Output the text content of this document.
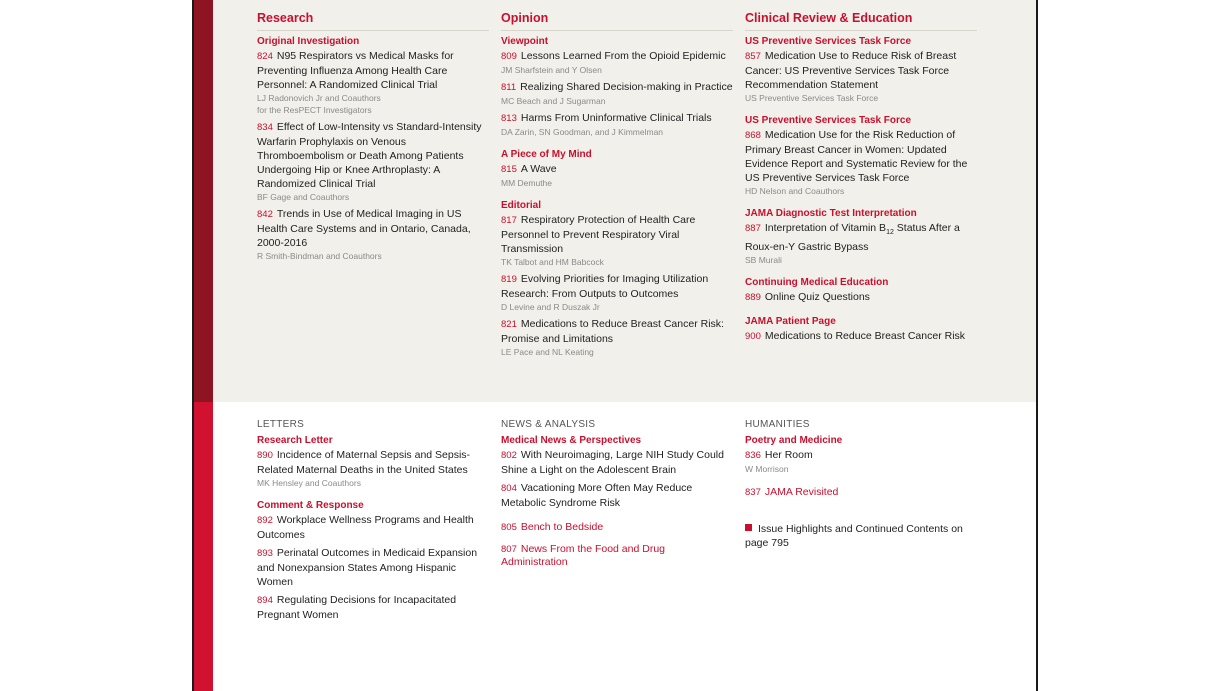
Research
Original Investigation
824 N95 Respirators vs Medical Masks for Preventing Influenza Among Health Care Personnel: A Randomized Clinical Trial
LJ Radonovich Jr and Coauthors
for the ResPECT Investigators
834 Effect of Low-Intensity vs Standard-Intensity Warfarin Prophylaxis on Venous Thromboembolism or Death Among Patients Undergoing Hip or Knee Arthroplasty: A Randomized Clinical Trial
BF Gage and Coauthors
842 Trends in Use of Medical Imaging in US Health Care Systems and in Ontario, Canada, 2000-2016
R Smith-Bindman and Coauthors
Opinion
Viewpoint
809 Lessons Learned From the Opioid Epidemic
JM Sharfstein and Y Olsen
811 Realizing Shared Decision-making in Practice
MC Beach and J Sugarman
813 Harms From Uninformative Clinical Trials
DA Zarin, SN Goodman, and J Kimmelman
A Piece of My Mind
815 A Wave
MM Demuthe
Editorial
817 Respiratory Protection of Health Care Personnel to Prevent Respiratory Viral Transmission
TK Talbot and HM Babcock
819 Evolving Priorities for Imaging Utilization Research: From Outputs to Outcomes
D Levine and R Duszak Jr
821 Medications to Reduce Breast Cancer Risk: Promise and Limitations
LE Pace and NL Keating
Clinical Review & Education
US Preventive Services Task Force
857 Medication Use to Reduce Risk of Breast Cancer: US Preventive Services Task Force Recommendation Statement
US Preventive Services Task Force
US Preventive Services Task Force
868 Medication Use for the Risk Reduction of Primary Breast Cancer in Women: Updated Evidence Report and Systematic Review for the US Preventive Services Task Force
HD Nelson and Coauthors
JAMA Diagnostic Test Interpretation
887 Interpretation of Vitamin $B_{12}$ Status After a Roux-en-Y Gastric Bypass
SB Murali
Continuing Medical Education
889 Online Quiz Questions
JAMA Patient Page
900 Medications to Reduce Breast Cancer Risk
LETTERS
Research Letter
890 Incidence of Maternal Sepsis and Sepsis-Related Maternal Deaths in the United States
MK Hensley and Coauthors
Comment & Response
892 Workplace Wellness Programs and Health Outcomes
893 Perinatal Outcomes in Medicaid Expansion and Nonexpansion States Among Hispanic Women
894 Regulating Decisions for Incapacitated Pregnant Women
NEWS & ANALYSIS
Medical News & Perspectives
802 With Neuroimaging, Large NIH Study Could Shine a Light on the Adolescent Brain
804 Vacationing More Often May Reduce Metabolic Syndrome Risk
805 Bench to Bedside
807 News From the Food and Drug Administration
HUMANITIES
Poetry and Medicine
836 Her Room
W Morrison
837 JAMA Revisited
Issue Highlights and Continued Contents on page 795
